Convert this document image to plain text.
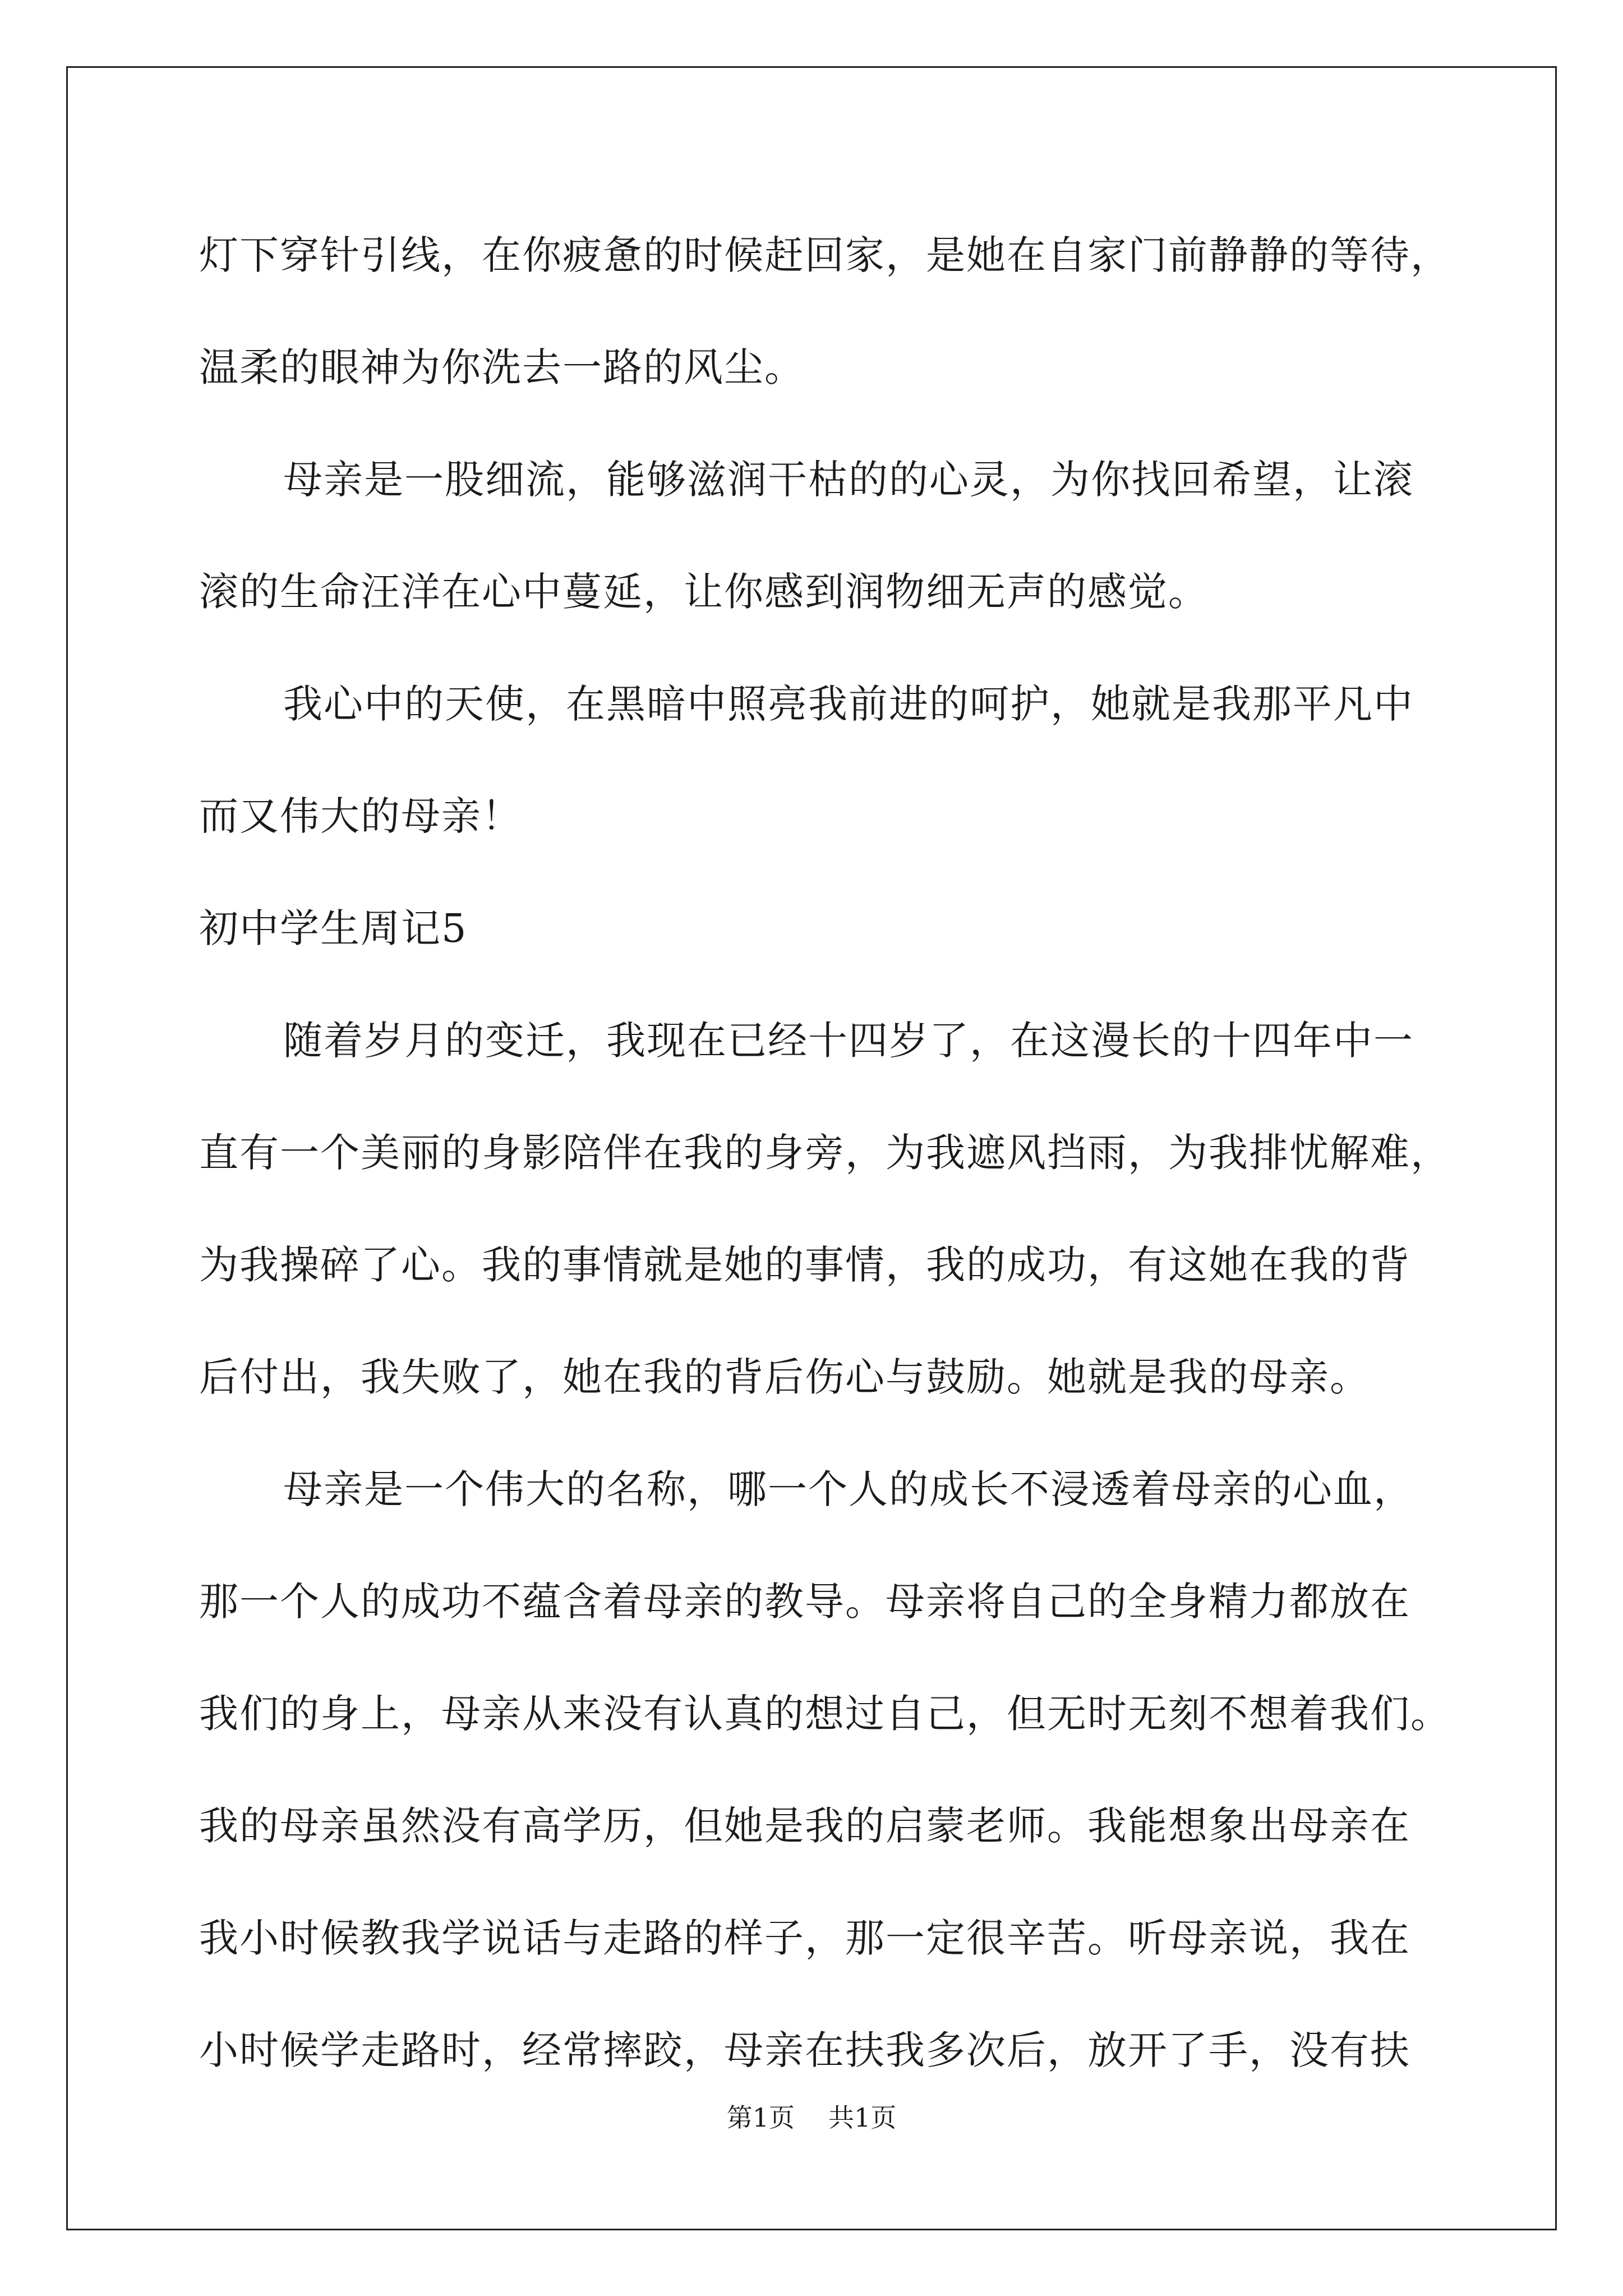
灯下穿针引线，在你疲惫的时候赶回家，是她在自家门前静静的等待，
温柔的眼神为你洗去一路的风尘。
母亲是一股细流，能够滋润干枯的的心灵，为你找回希望，让滚
滚的生命汪洋在心中蔓延，让你感到润物细无声的感觉。
我心中的天使，在黑暗中照亮我前进的呵护，她就是我那平凡中
而又伟大的母亲！
初中学生周记5
随着岁月的变迁，我现在已经十四岁了，在这漫长的十四年中一
直有一个美丽的身影陪伴在我的身旁，为我遮风挡雨，为我排忧解难，
为我操碎了心。我的事情就是她的事情，我的成功，有这她在我的背
后付出，我失败了，她在我的背后伤心与鼓励。她就是我的母亲。
母亲是一个伟大的名称，哪一个人的成长不浸透着母亲的心血，
那一个人的成功不蕴含着母亲的教导。母亲将自己的全身精力都放在
我们的身上，母亲从来没有认真的想过自己，但无时无刻不想着我们。
我的母亲虽然没有高学历，但她是我的启蒙老师。我能想象出母亲在
我小时候教我学说话与走路的样子，那一定很辛苦。听母亲说，我在
小时候学走路时，经常摔跤，母亲在扶我多次后，放开了手，没有扶
第1页 共1页
